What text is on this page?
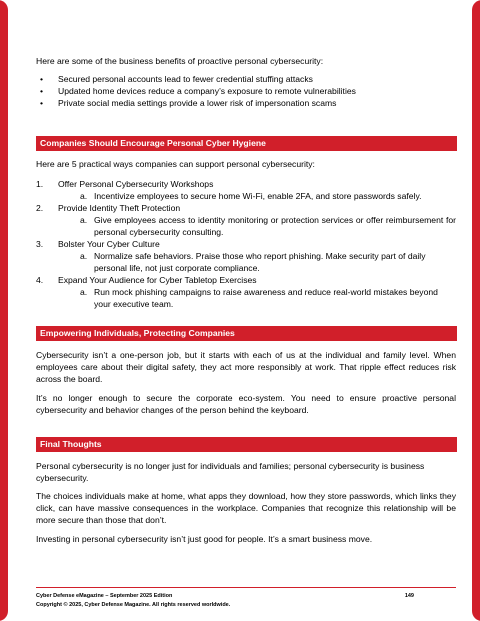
Here are some of the business benefits of proactive personal cybersecurity:

• Secured personal accounts lead to fewer credential stuffing attacks
• Updated home devices reduce a company’s exposure to remote vulnerabilities
• Private social media settings provide a lower risk of impersonation scams
Companies Should Encourage Personal Cyber Hygiene

Here are 5 practical ways companies can support personal cybersecurity:

1. Offer Personal Cybersecurity Workshops
a. Incentivize employees to secure home Wi-Fi, enable 2FA, and store passwords safely.
2. Provide Identity Theft Protection
a. Give employees access to identity monitoring or protection services or offer reimbursement for personal cybersecurity consulting.
3. Bolster Your Cyber Culture
a. Normalize safe behaviors. Praise those who report phishing. Make security part of daily personal life, not just corporate compliance.
4. Expand Your Audience for Cyber Tabletop Exercises
a. Run mock phishing campaigns to raise awareness and reduce real-world mistakes beyond your executive team.
Empowering Individuals, Protecting Companies

Cybersecurity isn’t a one-person job, but it starts with each of us at the individual and family level. When employees care about their digital safety, they act more responsibly at work. That ripple effect reduces risk across the board.

It’s no longer enough to secure the corporate eco-system. You need to ensure proactive personal cybersecurity and behavior changes of the person behind the keyboard.

Final Thoughts

Personal cybersecurity is no longer just for individuals and families; personal cybersecurity is business cybersecurity.

The choices individuals make at home, what apps they download, how they store passwords, which links they click, can have massive consequences in the workplace. Companies that recognize this relationship will be more secure than those that don’t.

Investing in personal cybersecurity isn’t just good for people. It’s a smart business move.

Cyber Defense eMagazine – September 2025 Edition	149
Copyright © 2025, Cyber Defense Magazine. All rights reserved worldwide.
